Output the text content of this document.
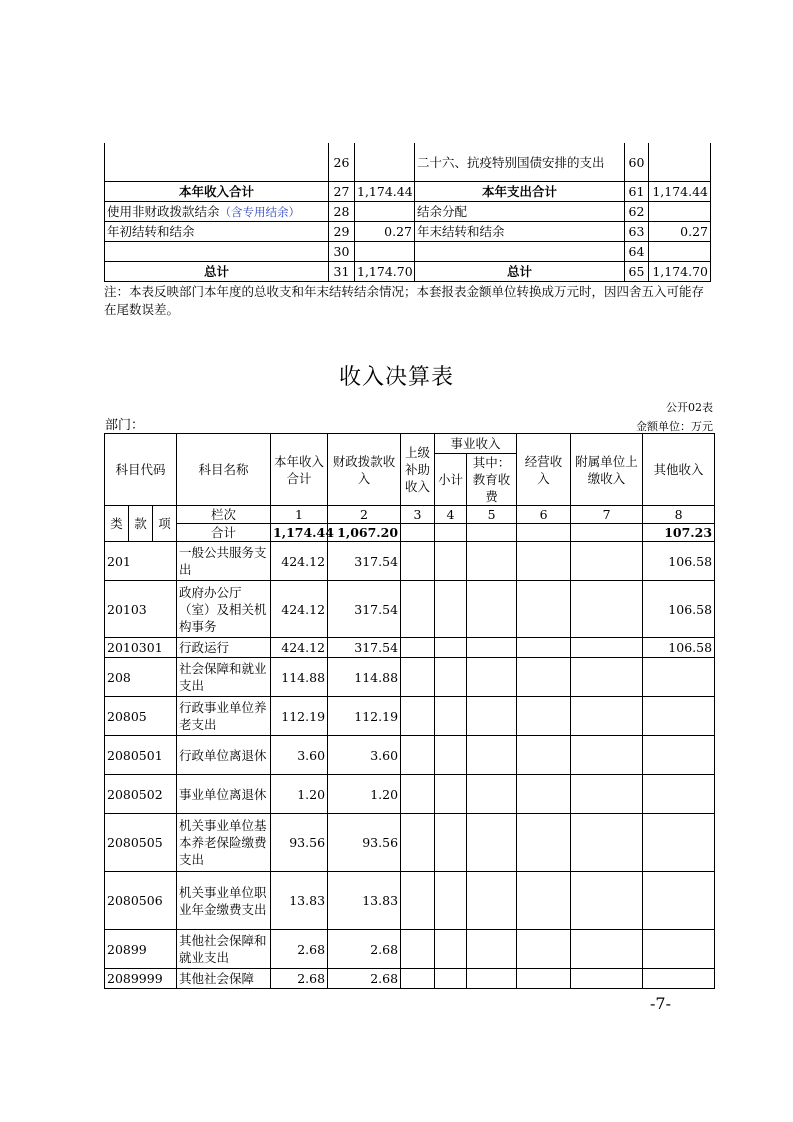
	26		二十六、抗疫特别国债安排的支出	60	
本年收入合计	27	1,174.44	本年支出合计	61	1,174.44
使用非财政拨款结余（含专用结余）	28		结余分配	62	
年初结转和结余	29	0.27	年末结转和结余	63	0.27
	30			64	
总计	31	1,174.70	总计	65	1,174.70
注：本表反映部门本年度的总收支和年末结转结余情况；本套报表金额单位转换成万元时，因四舍五入可能存在尾数误差。
收入决算表
公开02表
部门：	金额单位：万元
科目代码			科目名称	本年收入合计	财政拨款收入	上级补助收入	事业收入		经营收入	附属单位上缴收入	其他收入
							小计	其中：教育收费			

类	款	项	栏次	1	2	3	4	5	6	7	8
			合计	1,174.44	1,067.20						107.23
201			一般公共服务支出	424.12	317.54						106.58
20103			政府办公厅（室）及相关机构事务	424.12	317.54						106.58
2010301			行政运行	424.12	317.54						106.58
208			社会保障和就业支出	114.88	114.88						
20805			行政事业单位养老支出	112.19	112.19						
2080501			行政单位离退休	3.60	3.60						
2080502			事业单位离退休	1.20	1.20						
2080505			机关事业单位基本养老保险缴费支出	93.56	93.56						
2080506			机关事业单位职业年金缴费支出	13.83	13.83						
20899			其他社会保障和就业支出	2.68	2.68						
2089999			其他社会保障	2.68	2.68						
-7-
